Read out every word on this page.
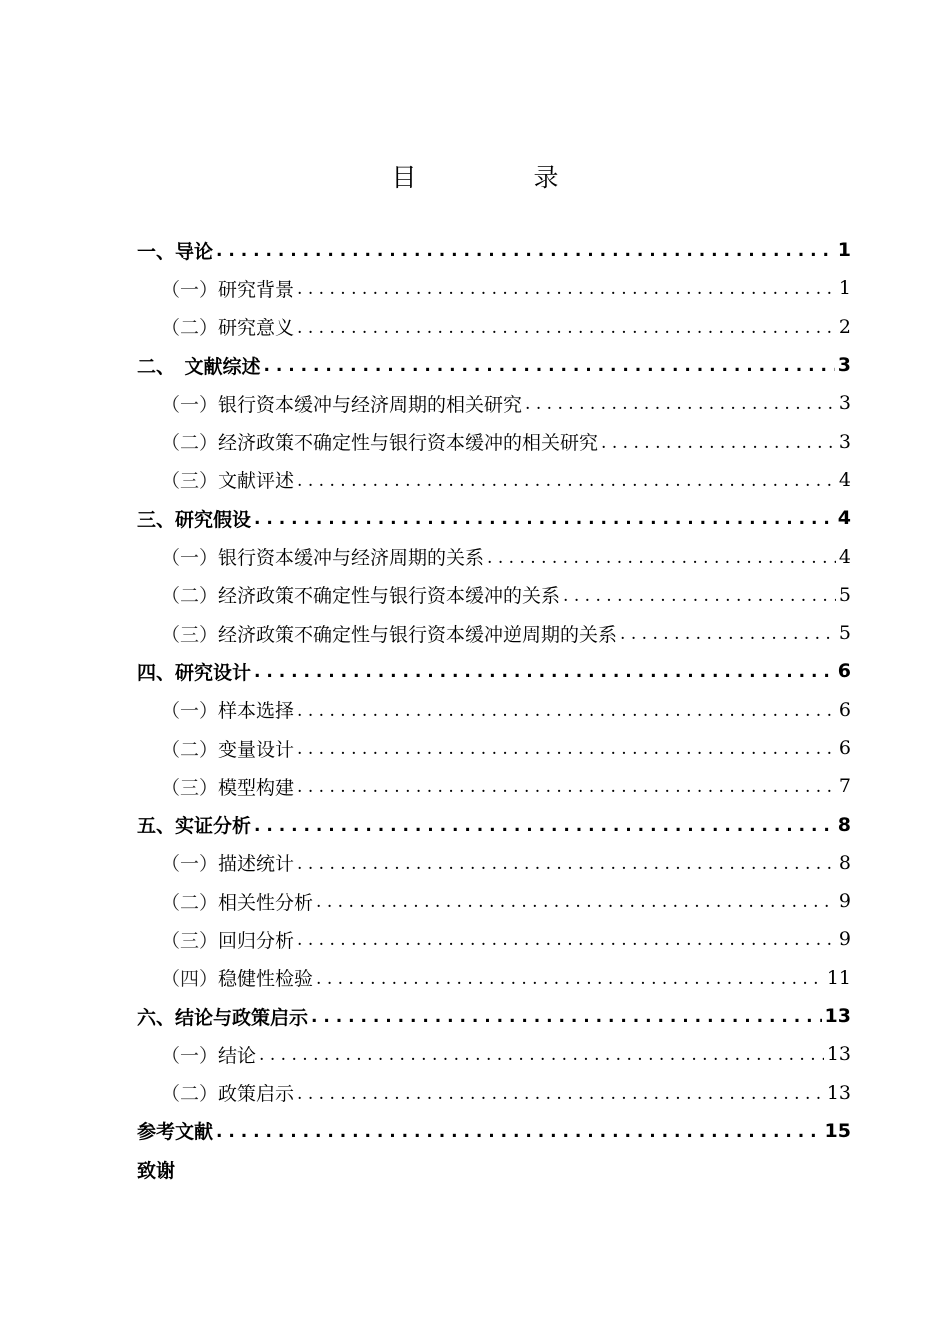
目　录
一、导论 . . .	1
（一） 研究背景 . . .	1
（二） 研究意义 . . .	2
二、　文献综述 . . .	3
（一） 银行资本缓冲与经济周期的相关研究 . . .	3
（二） 经济政策不确定性与银行资本缓冲的相关研究 . . .	3
（三） 文献评述 . . .	4
三、研究假设 . . .	4
（一） 银行资本缓冲与经济周期的关系 . . .	4
（二） 经济政策不确定性与银行资本缓冲的关系 . . .	5
（三） 经济政策不确定性与银行资本缓冲逆周期的关系 . . .	5
四、研究设计 . . .	6
（一） 样本选择 . . .	6
（二） 变量设计 . . .	6
（三） 模型构建 . . .	7
五、实证分析 . . .	8
（一） 描述统计 . . .	8
（二） 相关性分析 . . .	9
（三） 回归分析 . . .	9
（四） 稳健性检验 . . .	11
六、结论与政策启示 . . .	13
（一） 结论 . . .	13
（二） 政策启示 . . .	13
参考文献 . . .	15
致谢
